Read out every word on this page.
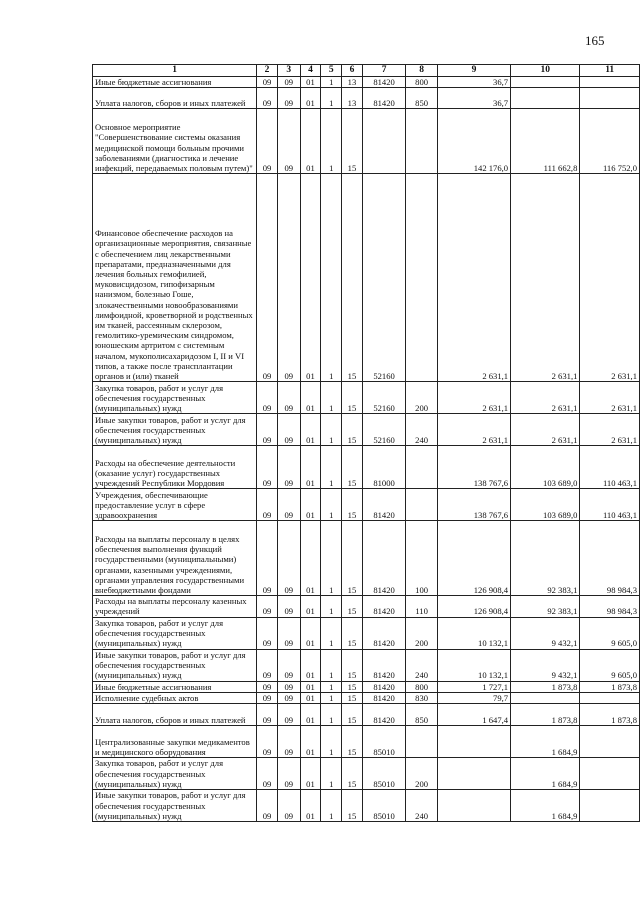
165
1	2	3	4	5	6	7	8	9	10	11
Иные бюджетные ассигнования	09	09	01	1	13	81420	800	36,7		
Уплата налогов, сборов и иных платежей	09	09	01	1	13	81420	850	36,7		
Основное мероприятие "Совершенствование системы оказания медицинской помощи больным прочими заболеваниями (диагностика и лечение инфекций, передаваемых половым путем)"	09	09	01	1	15			142 176,0	111 662,8	116 752,0
Финансовое обеспечение расходов на организационные мероприятия, связанные с обеспечением лиц лекарственными препаратами, предназначенными для лечения больных гемофилией, муковисцидозом, гипофизарным нанизмом, болезнью Гоше, злокачественными новообразованиями лимфоидной, кроветворной и родственных им тканей, рассеянным склерозом, гемолитико-уремическим синдромом, юношеским артритом с системным началом, мукополисахаридозом I, II и VI типов, а также после трансплантации органов и (или) тканей	09	09	01	1	15	52160		2 631,1	2 631,1	2 631,1
Закупка товаров, работ и услуг для обеспечения государственных (муниципальных) нужд	09	09	01	1	15	52160	200	2 631,1	2 631,1	2 631,1
Иные закупки товаров, работ и услуг для обеспечения государственных (муниципальных) нужд	09	09	01	1	15	52160	240	2 631,1	2 631,1	2 631,1
Расходы на обеспечение деятельности (оказание услуг) государственных учреждений Республики Мордовия	09	09	01	1	15	81000		138 767,6	103 689,0	110 463,1
Учреждения, обеспечивающие предоставление услуг в сфере здравоохранения	09	09	01	1	15	81420		138 767,6	103 689,0	110 463,1
Расходы на выплаты персоналу в целях обеспечения выполнения функций государственными (муниципальными) органами, казенными учреждениями, органами управления государственными внебюджетными фондами	09	09	01	1	15	81420	100	126 908,4	92 383,1	98 984,3
Расходы на выплаты персоналу казенных учреждений	09	09	01	1	15	81420	110	126 908,4	92 383,1	98 984,3
Закупка товаров, работ и услуг для обеспечения государственных (муниципальных) нужд	09	09	01	1	15	81420	200	10 132,1	9 432,1	9 605,0
Иные закупки товаров, работ и услуг для обеспечения государственных (муниципальных) нужд	09	09	01	1	15	81420	240	10 132,1	9 432,1	9 605,0
Иные бюджетные ассигнования	09	09	01	1	15	81420	800	1 727,1	1 873,8	1 873,8
Исполнение судебных актов	09	09	01	1	15	81420	830	79,7		
Уплата налогов, сборов и иных платежей	09	09	01	1	15	81420	850	1 647,4	1 873,8	1 873,8
Централизованные закупки медикаментов и медицинского оборудования	09	09	01	1	15	85010			1 684,9	
Закупка товаров, работ и услуг для обеспечения государственных (муниципальных) нужд	09	09	01	1	15	85010	200		1 684,9	
Иные закупки товаров, работ и услуг для обеспечения государственных (муниципальных) нужд	09	09	01	1	15	85010	240		1 684,9	
